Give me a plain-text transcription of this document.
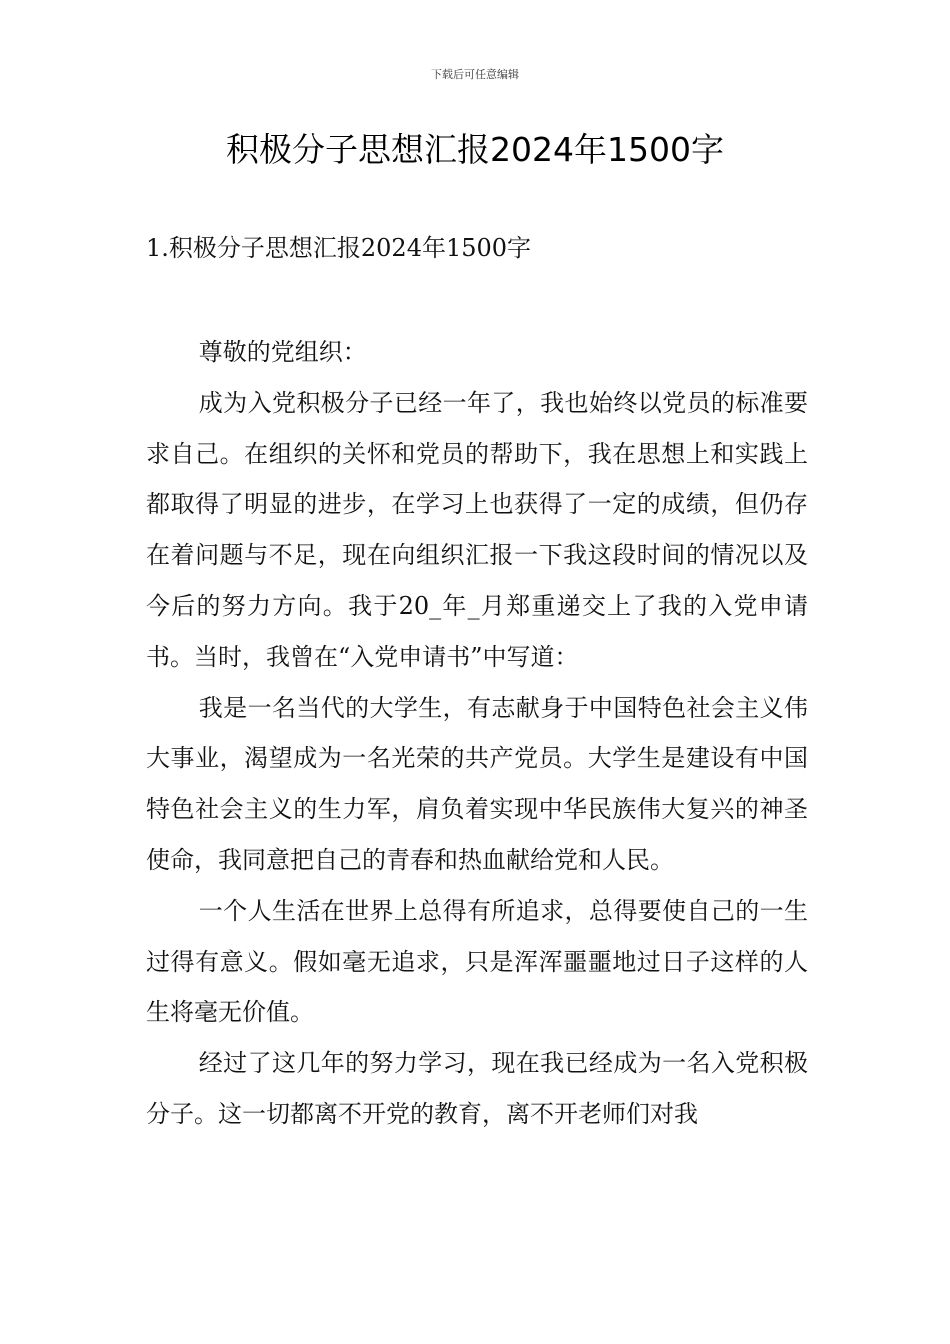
下载后可任意编辑
积极分子思想汇报2024年1500字
1.积极分子思想汇报2024年1500字

尊敬的党组织：

成为入党积极分子已经一年了，我也始终以党员的标准要求自己。在组织的关怀和党员的帮助下，我在思想上和实践上都取得了明显的进步，在学习上也获得了一定的成绩，但仍存在着问题与不足，现在向组织汇报一下我这段时间的情况以及今后的努力方向。我于20_年_月郑重递交上了我的入党申请书。当时，我曾在“入党申请书”中写道：

我是一名当代的大学生，有志献身于中国特色社会主义伟大事业，渴望成为一名光荣的共产党员。大学生是建设有中国特色社会主义的生力军，肩负着实现中华民族伟大复兴的神圣使命，我同意把自己的青春和热血献给党和人民。

一个人生活在世界上总得有所追求，总得要使自己的一生过得有意义。假如毫无追求，只是浑浑噩噩地过日子这样的人生将毫无价值。

经过了这几年的努力学习，现在我已经成为一名入党积极分子。这一切都离不开党的教育，离不开老师们对我
